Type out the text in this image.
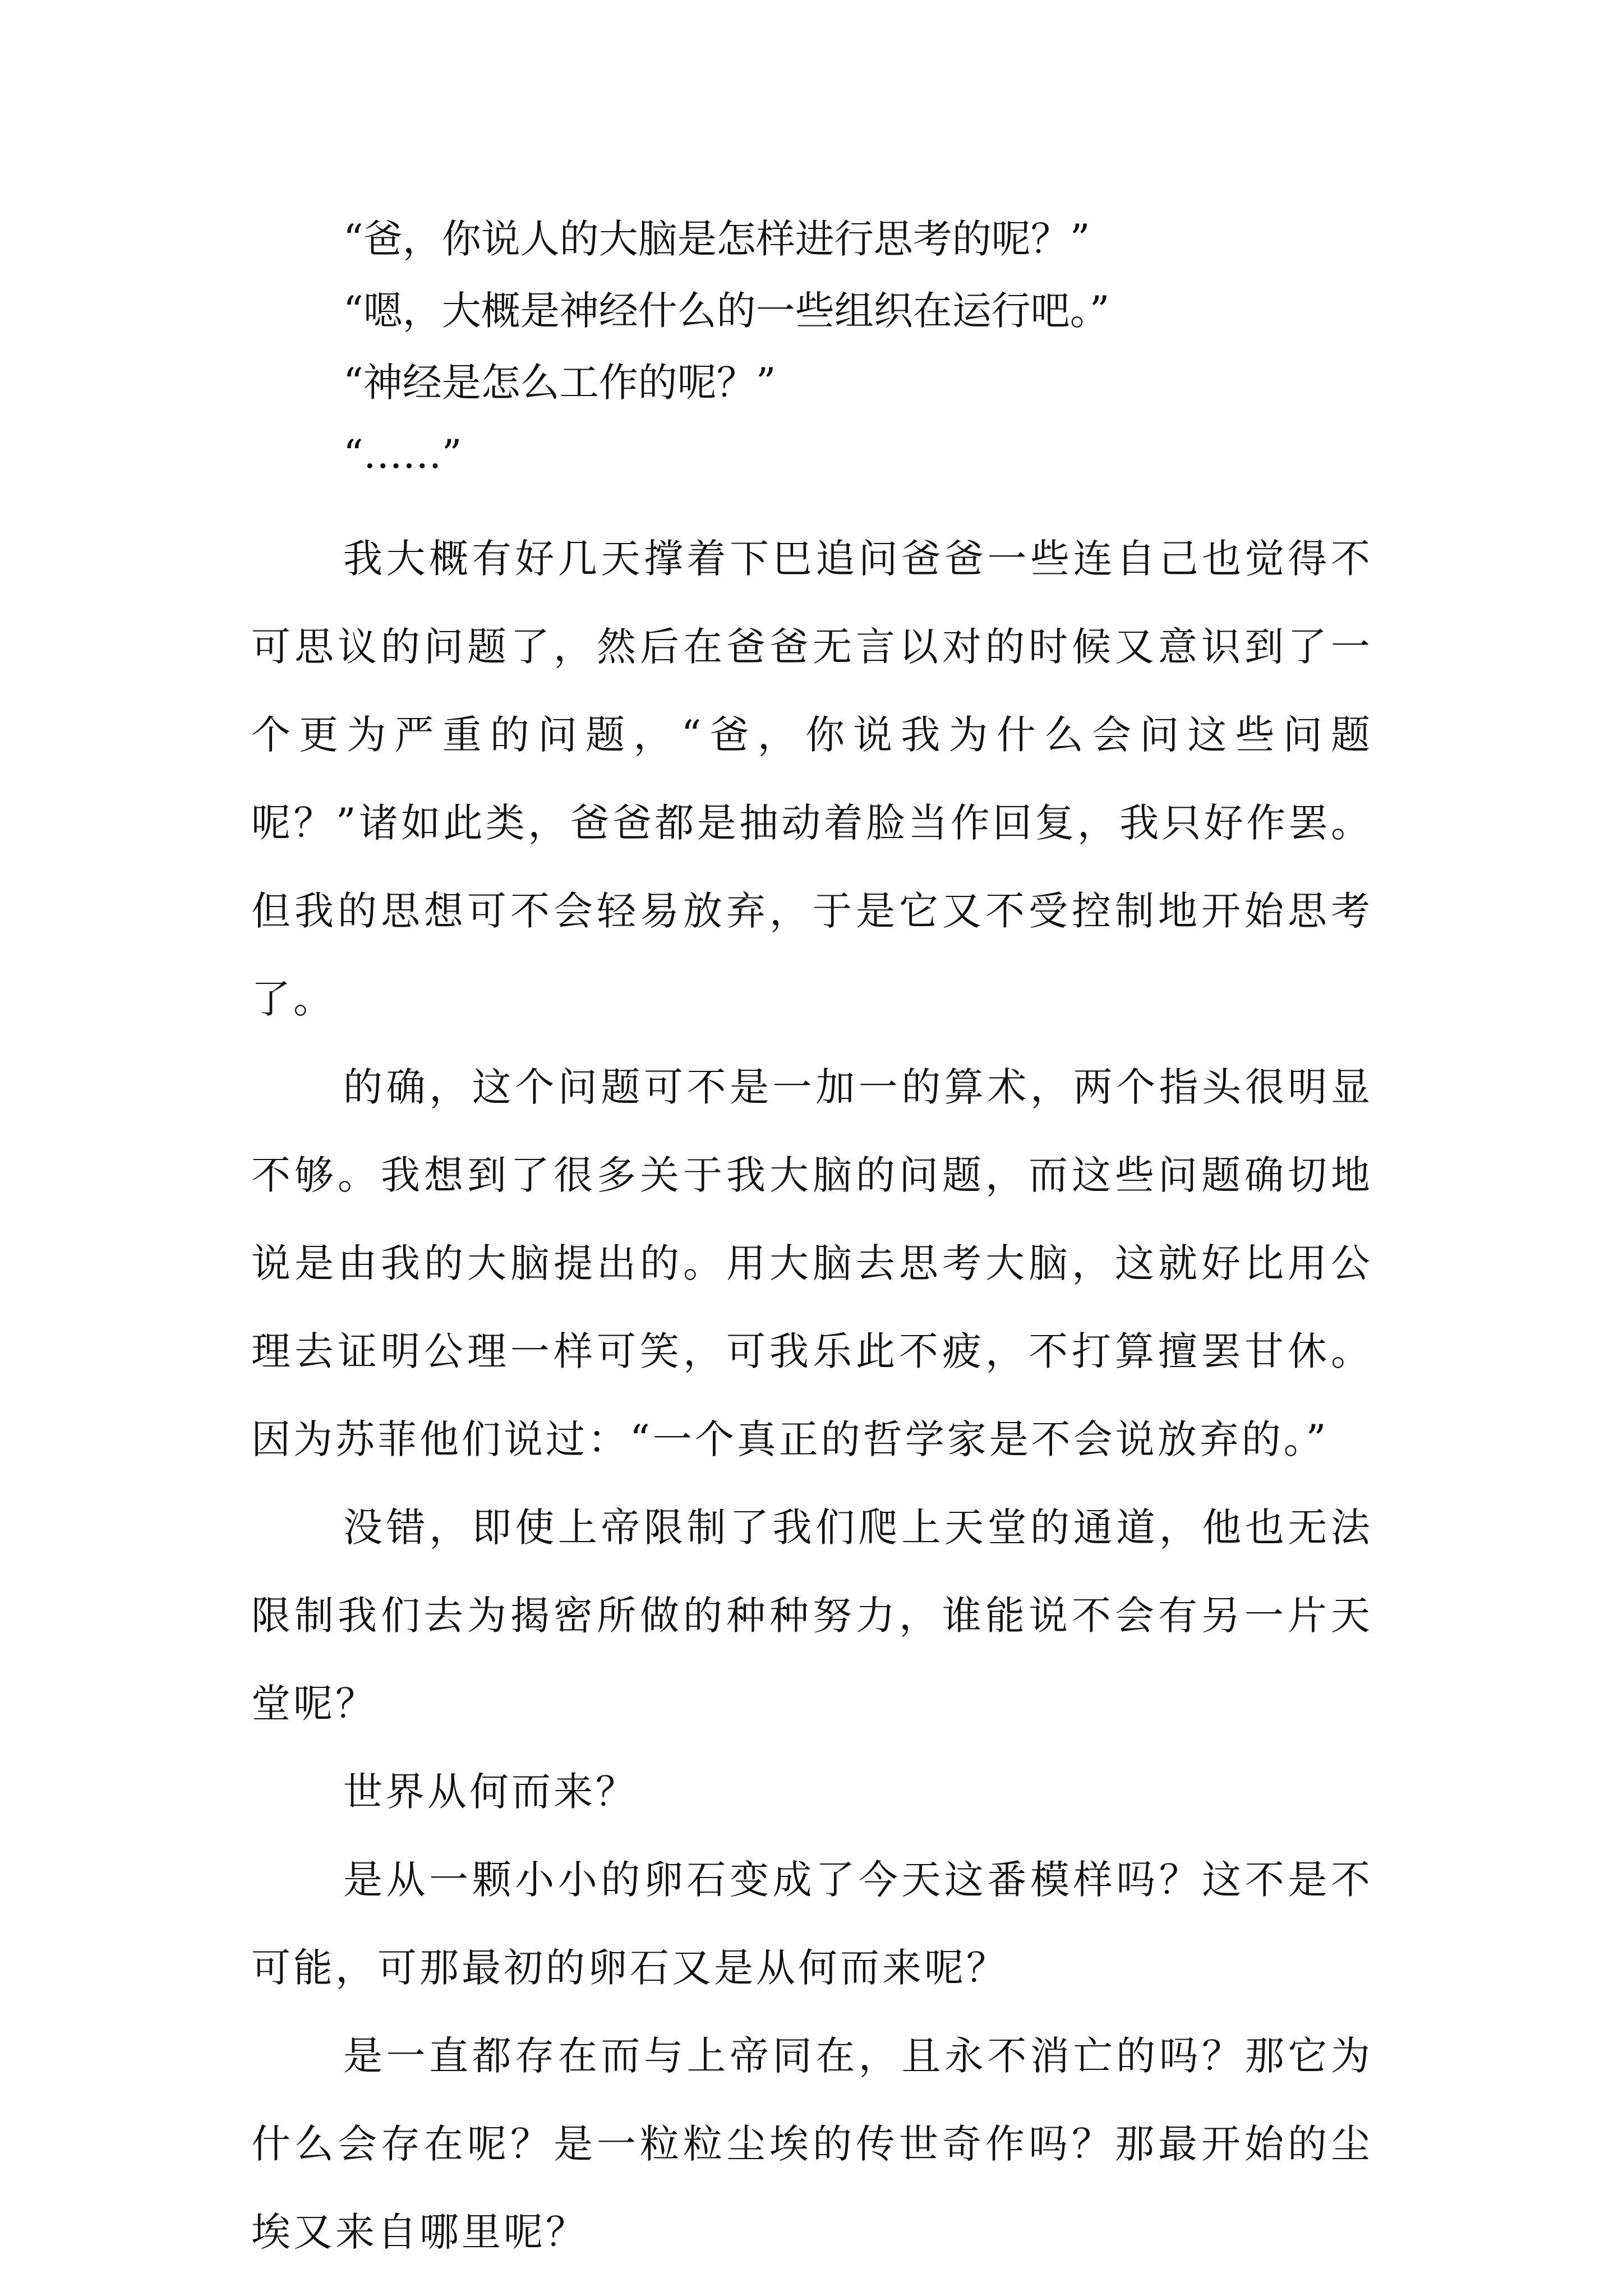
“爸，你说人的大脑是怎样进行思考的呢？”

“嗯，大概是神经什么的一些组织在运行吧。”

“神经是怎么工作的呢？”

“……”

我大概有好几天撑着下巴追问爸爸一些连自己也觉得不可思议的问题了，然后在爸爸无言以对的时候又意识到了一个更为严重的问题，“爸，你说我为什么会问这些问题呢？”诸如此类，爸爸都是抽动着脸当作回复，我只好作罢。但我的思想可不会轻易放弃，于是它又不受控制地开始思考了。

的确，这个问题可不是一加一的算术，两个指头很明显不够。我想到了很多关于我大脑的问题，而这些问题确切地说是由我的大脑提出的。用大脑去思考大脑，这就好比用公理去证明公理一样可笑，可我乐此不疲，不打算擅罢甘休。因为苏菲他们说过：“一个真正的哲学家是不会说放弃的。”

没错，即使上帝限制了我们爬上天堂的通道，他也无法限制我们去为揭密所做的种种努力，谁能说不会有另一片天堂呢？

世界从何而来？

是从一颗小小的卵石变成了今天这番模样吗？这不是不可能，可那最初的卵石又是从何而来呢？

是一直都存在而与上帝同在，且永不消亡的吗？那它为什么会存在呢？是一粒粒尘埃的传世奇作吗？那最开始的尘埃又来自哪里呢？
